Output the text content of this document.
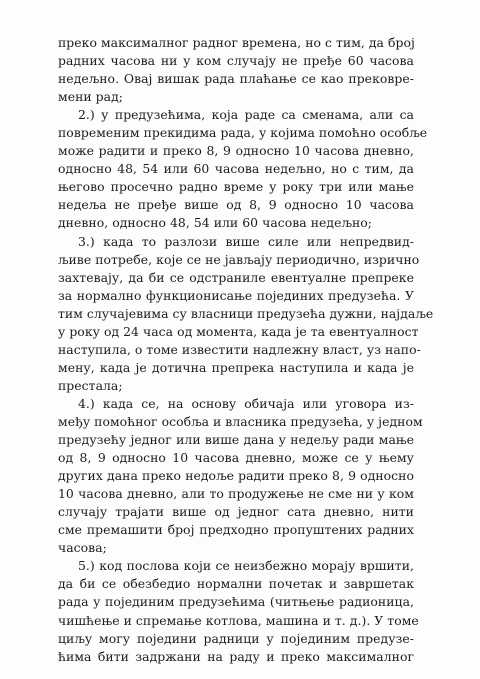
преко максималног радног времена, но с тим, да број
радних часова ни у ком случају не пређе 60 часова
недељно. Овај вишак рада плаћање се као прековре-
мени рад;
2.) у предузећима, која раде са сменама, али са
повременим прекидима рада, у којима помоћно особље
може радити и преко 8, 9 односно 10 часова дневно,
односно 48, 54 или 60 часова недељно, но с тим, да
његово просечно радно време у року три или мање
недеља не пређе више од 8, 9 односно 10 часова
дневно, односно 48, 54 или 60 часова недељно;
3.) када то разлози више силе или непредвид-
љиве потребе, које се не јављају периодично, изрично
захтевају, да би се одстраниле евентуалне препреке
за нормално функционисање појединих предузећа. У
тим случајевима су власници предузећа дужни, најдаље
у року од 24 часа од момента, када је та евентуалност
наступила, о томе известити надлежну власт, уз напо-
мену, када је дотична препрека наступила и када је
престала;
4.) када се, на основу обичаја или уговора из-
међу помоћног особља и власника предузећа, у једном
предузећу једног или више дана у недељу ради мање
од 8, 9 односно 10 часова дневно, може се у њему
других дана преко недоље радити преко 8, 9 односно
10 часова дневно, али то продужење не сме ни у ком
случају трајати више од једног сата дневно, нити
сме премашити број предходно пропуштених радних
часова;
5.) код послова који се неизбежно морају вршити,
да би се обезбедио нормални почетак и завршетак
рада у појединим предузећима (читњење радионица,
чишћење и спремање котлова, машина и т. д.). У томе
циљу могу поједини радници у појединим предузе-
ћима бити задржани на раду и преко максималног
